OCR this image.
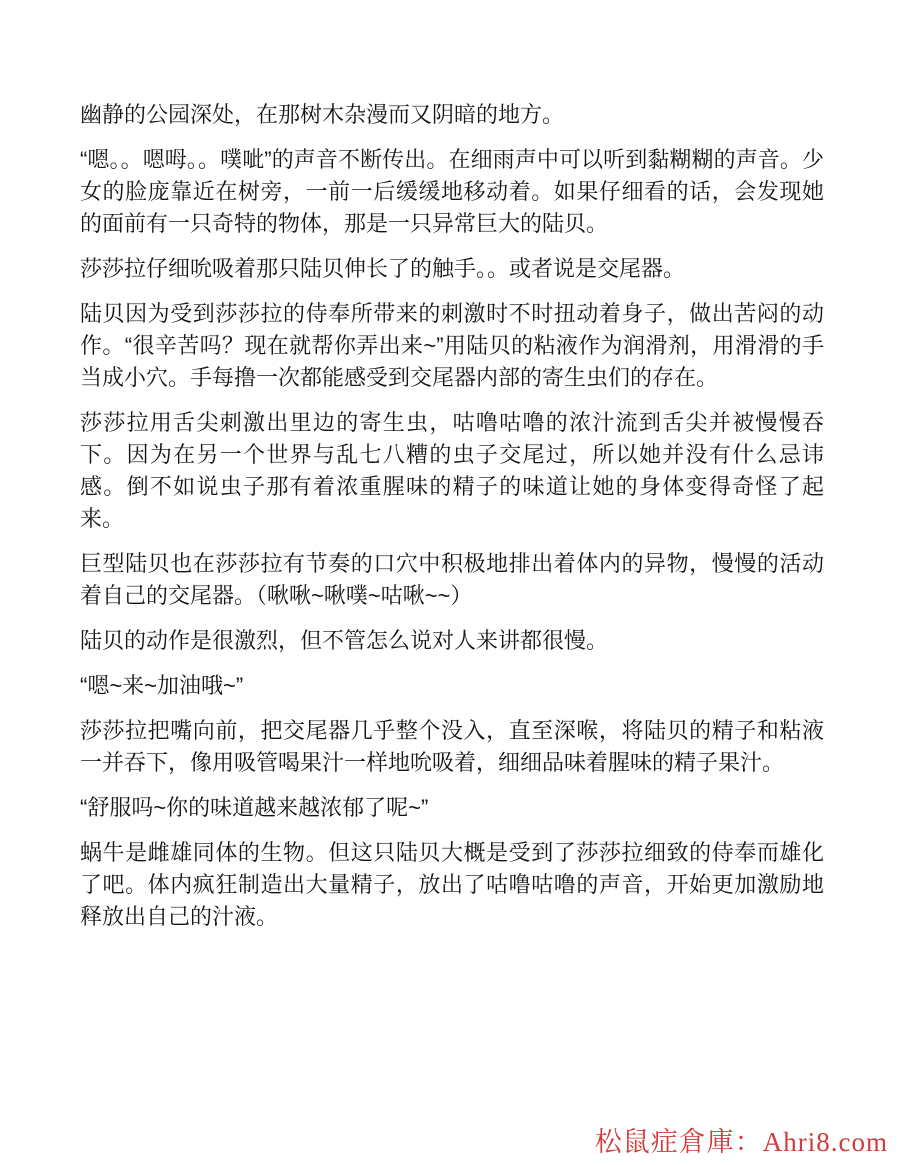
幽静的公园深处，在那树木杂漫而又阴暗的地方。

“嗯。。嗯呣。。噗呲”的声音不断传出。在细雨声中可以听到黏糊糊的声音。少女的脸庞靠近在树旁，一前一后缓缓地移动着。如果仔细看的话，会发现她的面前有一只奇特的物体，那是一只异常巨大的陆贝。

莎莎拉仔细吮吸着那只陆贝伸长了的触手。。或者说是交尾器。

陆贝因为受到莎莎拉的侍奉所带来的刺激时不时扭动着身子，做出苦闷的动作。“很辛苦吗？现在就帮你弄出来~”用陆贝的粘液作为润滑剂，用滑滑的手当成小穴。手每撸一次都能感受到交尾器内部的寄生虫们的存在。

莎莎拉用舌尖刺激出里边的寄生虫，咕噜咕噜的浓汁流到舌尖并被慢慢吞下。因为在另一个世界与乱七八糟的虫子交尾过，所以她并没有什么忌讳感。倒不如说虫子那有着浓重腥味的精子的味道让她的身体变得奇怪了起来。

巨型陆贝也在莎莎拉有节奏的口穴中积极地排出着体内的异物，慢慢的活动着自己的交尾器。（啾啾~啾噗~咕啾~~）

陆贝的动作是很激烈，但不管怎么说对人来讲都很慢。

“嗯~来~加油哦~”

莎莎拉把嘴向前，把交尾器几乎整个没入，直至深喉，将陆贝的精子和粘液一并吞下，像用吸管喝果汁一样地吮吸着，细细品味着腥味的精子果汁。

“舒服吗~你的味道越来越浓郁了呢~”

蜗牛是雌雄同体的生物。但这只陆贝大概是受到了莎莎拉细致的侍奉而雄化了吧。体内疯狂制造出大量精子，放出了咕噜咕噜的声音，开始更加激励地释放出自己的汁液。

松鼠症倉庫：Ahri8.com
